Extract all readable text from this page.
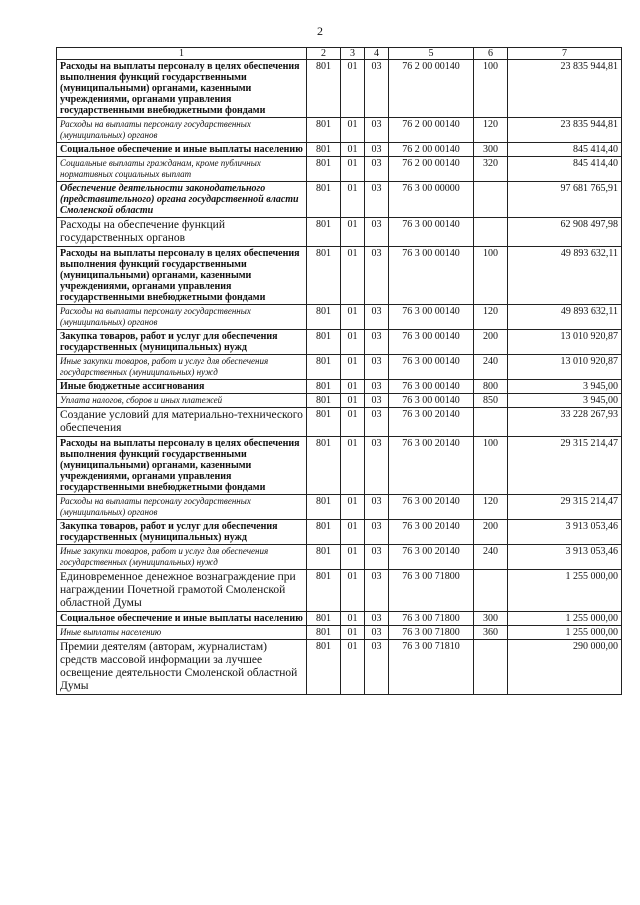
2
1	2	3	4	5	6	7
Расходы на выплаты персоналу в целях обеспечения выполнения функций государственными (муниципальными) органами, казенными учреждениями, органами управления государственными внебюджетными фондами	801	01	03	76 2 00 00140	100	23 835 944,81
Расходы на выплаты персоналу государственных (муниципальных) органов	801	01	03	76 2 00 00140	120	23 835 944,81
Социальное обеспечение и иные выплаты населению	801	01	03	76 2 00 00140	300	845 414,40
Социальные выплаты гражданам, кроме публичных нормативных социальных выплат	801	01	03	76 2 00 00140	320	845 414,40
Обеспечение деятельности законодательного (представительного) органа государственной власти Смоленской области	801	01	03	76 3 00 00000		97 681 765,91
Расходы на обеспечение функций государственных органов	801	01	03	76 3 00 00140		62 908 497,98
Расходы на выплаты персоналу в целях обеспечения выполнения функций государственными (муниципальными) органами, казенными учреждениями, органами управления государственными внебюджетными фондами	801	01	03	76 3 00 00140	100	49 893 632,11
Расходы на выплаты персоналу государственных (муниципальных) органов	801	01	03	76 3 00 00140	120	49 893 632,11
Закупка товаров, работ и услуг для обеспечения государственных (муниципальных) нужд	801	01	03	76 3 00 00140	200	13 010 920,87
Иные закупки товаров, работ и услуг для обеспечения государственных (муниципальных) нужд	801	01	03	76 3 00 00140	240	13 010 920,87
Иные бюджетные ассигнования	801	01	03	76 3 00 00140	800	3 945,00
Уплата налогов, сборов и иных платежей	801	01	03	76 3 00 00140	850	3 945,00
Создание условий для материально-технического обеспечения	801	01	03	76 3 00 20140		33 228 267,93
Расходы на выплаты персоналу в целях обеспечения выполнения функций государственными (муниципальными) органами, казенными учреждениями, органами управления государственными внебюджетными фондами	801	01	03	76 3 00 20140	100	29 315 214,47
Расходы на выплаты персоналу государственных (муниципальных) органов	801	01	03	76 3 00 20140	120	29 315 214,47
Закупка товаров, работ и услуг для обеспечения государственных (муниципальных) нужд	801	01	03	76 3 00 20140	200	3 913 053,46
Иные закупки товаров, работ и услуг для обеспечения государственных (муниципальных) нужд	801	01	03	76 3 00 20140	240	3 913 053,46
Единовременное денежное вознаграждение при награждении Почетной грамотой Смоленской областной Думы	801	01	03	76 3 00 71800		1 255 000,00
Социальное обеспечение и иные выплаты населению	801	01	03	76 3 00 71800	300	1 255 000,00
Иные выплаты населению	801	01	03	76 3 00 71800	360	1 255 000,00
Премии деятелям (авторам, журналистам) средств массовой информации за лучшее освещение деятельности Смоленской областной Думы	801	01	03	76 3 00 71810		290 000,00
